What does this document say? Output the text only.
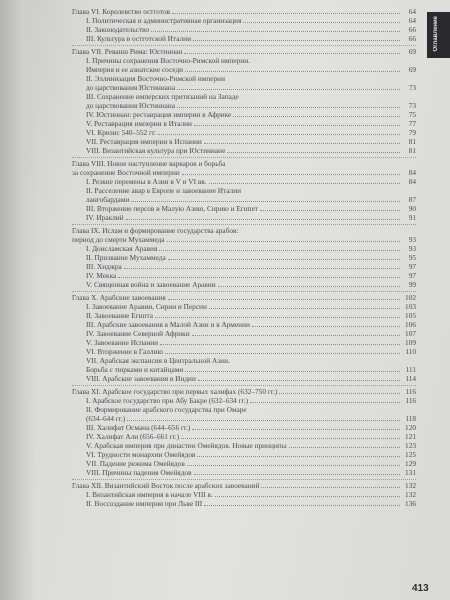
Глава VI. Королевство остготов	64
I. Политическая и административная организация	64
II. Законодательство	66
III. Культура в остготской Италии	66
Глава VII. Реванш Рима: Юстиниан	69
I. Причины сохранения Восточно-Римской империи.
Империя и ее азиатские соседи	69
II. Эллинизация Восточно-Римской империи
до царствования Юстиниана	73
III. Сохранение имперских притязаний на Западе
до царствования Юстиниана	73
IV. Юстиниан: реставрация империи в Африке	75
V. Реставрация империи в Италии	77
VI. Кризис 540–552 гг.	79
VII. Реставрация империи в Испании	81
VIII. Византийская культура при Юстиниане	81
Глава VIII. Новое наступление варваров и борьба
за сохранение Восточной империи	84
I. Резкие перемены в Азии в V и VI вв.	84
II. Расселение авар в Европе и завоевание Италии
лангобардами	87
III. Вторжение персов в Малую Азию, Сирию и Египет	90
IV. Ираклий	91
Глава IX. Ислам и формирование государства арабов:
период до смерти Мухаммеда	93
I. Доисламская Аравия	93
II. Призвание Мухаммеда	95
III. Хиджра	97
IV. Мекка	97
V. Священная война и завоевание Аравии	99
Глава X. Арабские завоевания	102
I. Завоевание Аравии, Сирии и Персии	103
II. Завоевание Египта	105
III. Арабские завоевания в Малой Азии и в Армении	106
IV. Завоевание Северной Африки	107
V. Завоевание Испании	109
VI. Вторжение в Галлию	110
VII. Арабская экспансия в Центральной Азии.
Борьба с тюрками и китайцами	111
VIII. Арабские завоевания в Индии	114
Глава XI. Арабское государство при первых халифах (632–750 гг.)	116
I. Арабское государство при Абу Бакре (632–634 гг.)	116
II. Формирование арабского государства при Омаре
(634–644 гг.)	118
III. Халифат Османа (644–656 гг.)	120
IV. Халифат Али (656–661 гг.)	121
V. Арабская империя при династии Омейядов. Новые принципы	123
VI. Трудности монархии Омейядов	125
VII. Падение режима Омейядов	129
VIII. Причины падения Омейядов	131
Глава XII. Византийский Восток после арабских завоеваний	132
I. Византийская империя в начале VIII в.	132
II. Воссоздание империи при Льве III	136
Оглавление
413
